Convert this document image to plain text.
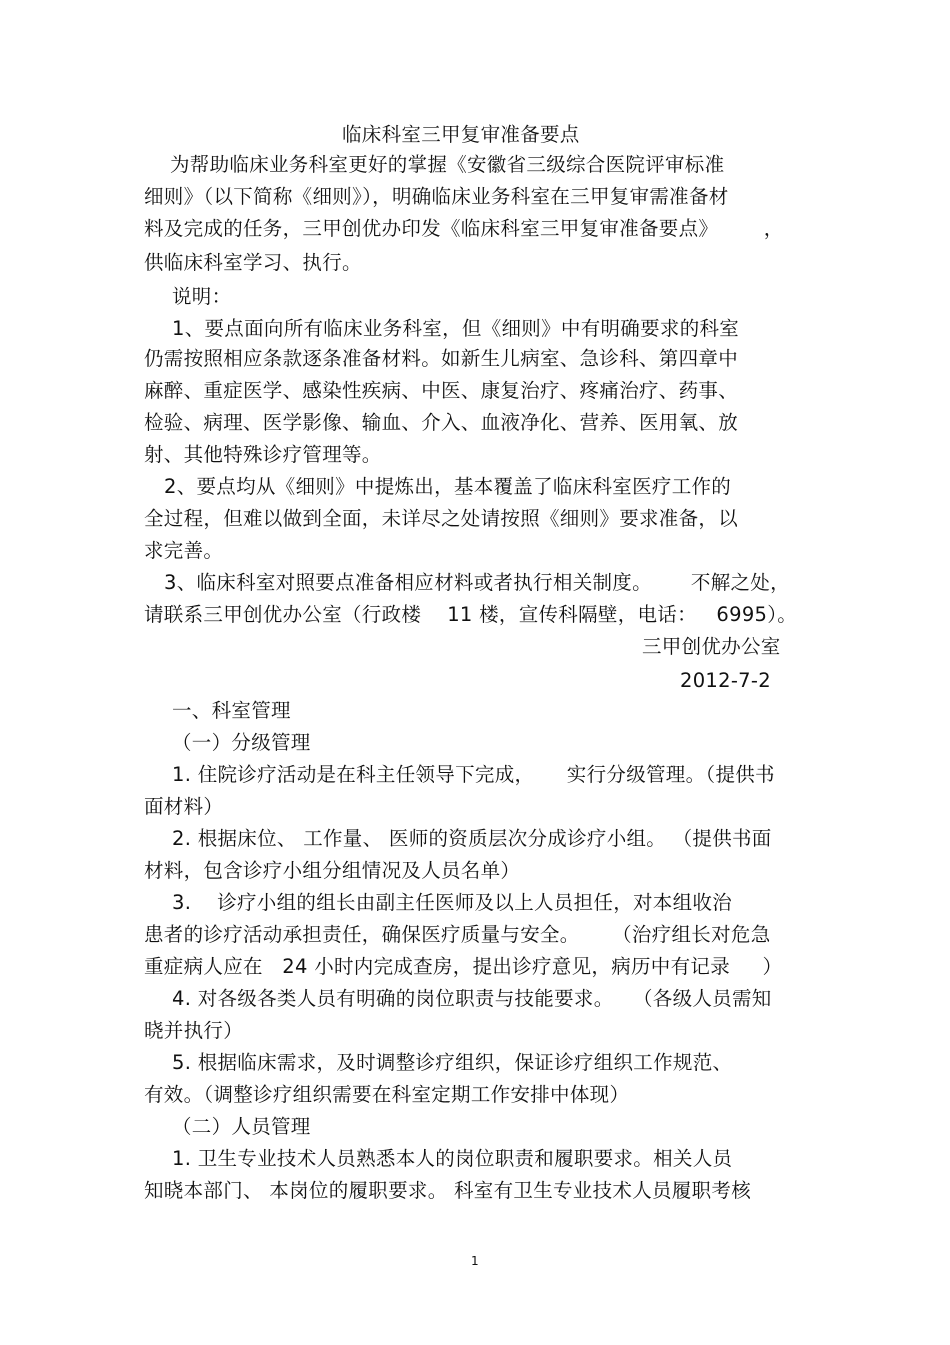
临床科室三甲复审准备要点
为帮助临床业务科室更好的掌握《安徽省三级综合医院评审标准
细则》（以下简称《细则》），明确临床业务科室在三甲复审需准备材
料及完成的任务，三甲创优办印发《临床科室三甲复审准备要点》       ，
供临床科室学习、执行。
说明：
1、要点面向所有临床业务科室，但《细则》中有明确要求的科室
仍需按照相应条款逐条准备材料。如新生儿病室、急诊科、第四章中
麻醉、重症医学、感染性疾病、中医、康复治疗、疼痛治疗、药事、
检验、病理、医学影像、输血、介入、血液净化、营养、医用氧、放
射、其他特殊诊疗管理等。
2、要点均从《细则》中提炼出，基本覆盖了临床科室医疗工作的
全过程，但难以做到全面，未详尽之处请按照《细则》要求准备，以
求完善。
3、临床科室对照要点准备相应材料或者执行相关制度。      不解之处，
请联系三甲创优办公室（行政楼    11 楼，宣传科隔壁，电话：   6995）。
三甲创优办公室
2012-7-2
一、科室管理
（一）分级管理
1. 住院诊疗活动是在科主任领导下完成，     实行分级管理。（提供书
面材料）
2. 根据床位、 工作量、 医师的资质层次分成诊疗小组。 （提供书面
材料，包含诊疗小组分组情况及人员名单）
3.    诊疗小组的组长由副主任医师及以上人员担任，对本组收治
患者的诊疗活动承担责任，确保医疗质量与安全。     （治疗组长对危急
重症病人应在   24 小时内完成查房，提出诊疗意见，病历中有记录     ）
4. 对各级各类人员有明确的岗位职责与技能要求。   （各级人员需知
晓并执行）
5. 根据临床需求，及时调整诊疗组织，保证诊疗组织工作规范、
有效。（调整诊疗组织需要在科室定期工作安排中体现）
（二）人员管理
1. 卫生专业技术人员熟悉本人的岗位职责和履职要求。相关人员
知晓本部门、 本岗位的履职要求。 科室有卫生专业技术人员履职考核
1
